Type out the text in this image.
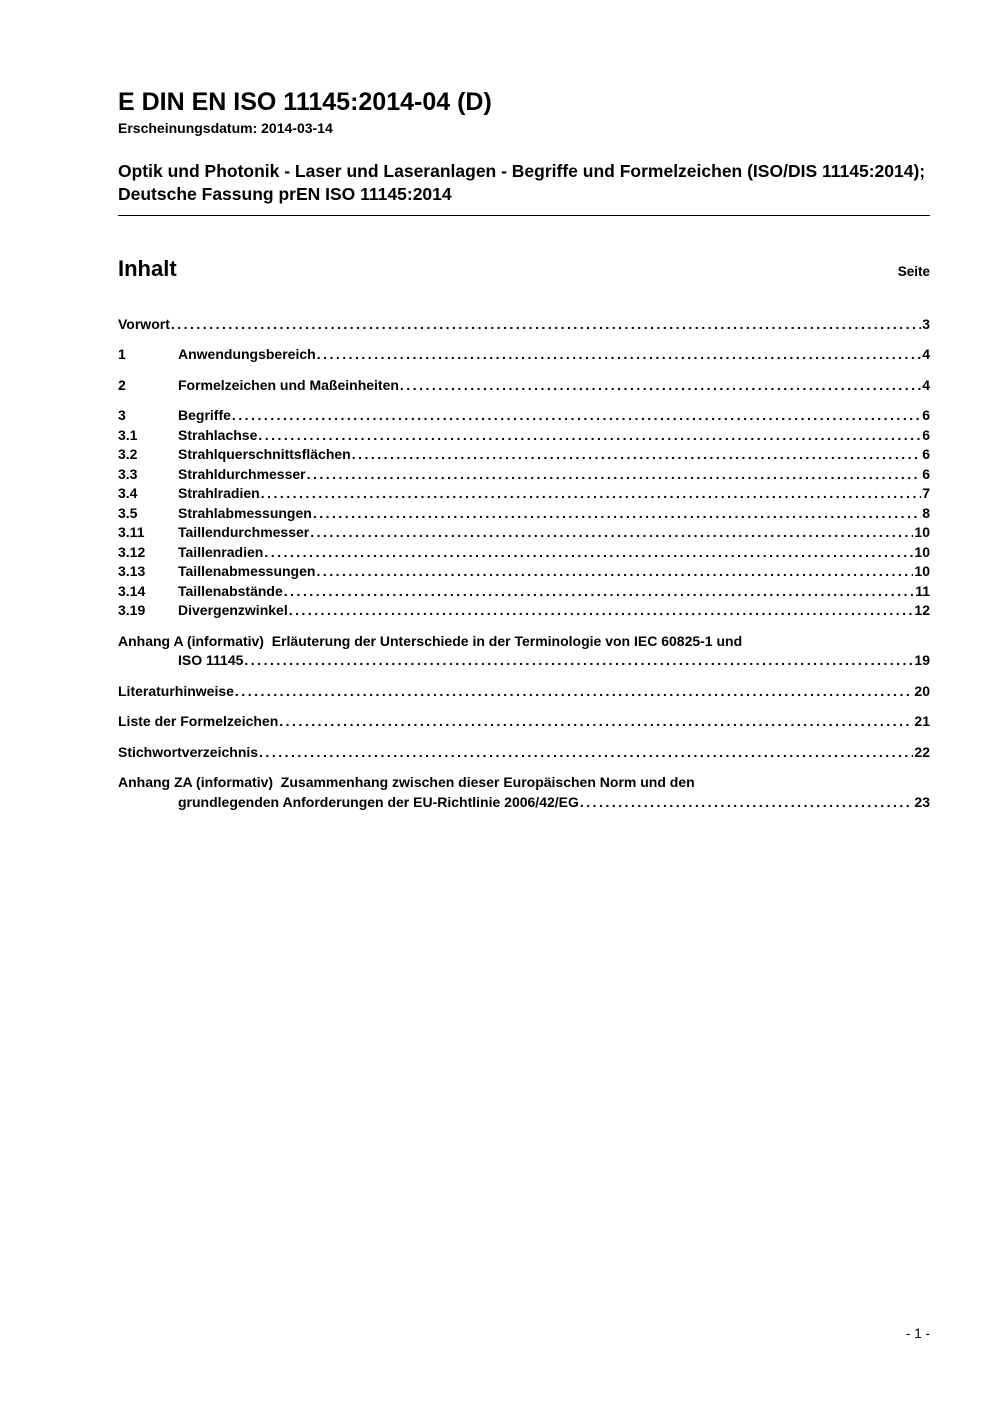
E DIN EN ISO 11145:2014-04 (D)
Erscheinungsdatum: 2014-03-14
Optik und Photonik - Laser und Laseranlagen - Begriffe und Formelzeichen (ISO/DIS 11145:2014); Deutsche Fassung prEN ISO 11145:2014
Inhalt	Seite
Vorwort .....	3
1	Anwendungsbereich .....	4
2	Formelzeichen und Maßeinheiten .....	4
3	Begriffe .....	6
3.1	Strahlachse .....	6
3.2	Strahlquerschnittsflächen .....	6
3.3	Strahldurchmesser .....	6
3.4	Strahlradien .....	7
3.5	Strahlabmessungen .....	8
3.11	Taillendurchmesser .....	10
3.12	Taillenradien .....	10
3.13	Taillenabmessungen .....	10
3.14	Taillenabstände .....	11
3.19	Divergenzwinkel .....	12
Anhang A (informativ)  Erläuterung der Unterschiede in der Terminologie von IEC 60825-1 und
ISO 11145 .....	19
Literaturhinweise .....	20
Liste der Formelzeichen .....	21
Stichwortverzeichnis .....	22
Anhang ZA (informativ)  Zusammenhang zwischen dieser Europäischen Norm und den
grundlegenden Anforderungen der EU-Richtlinie 2006/42/EG .....	23
- 1 -
